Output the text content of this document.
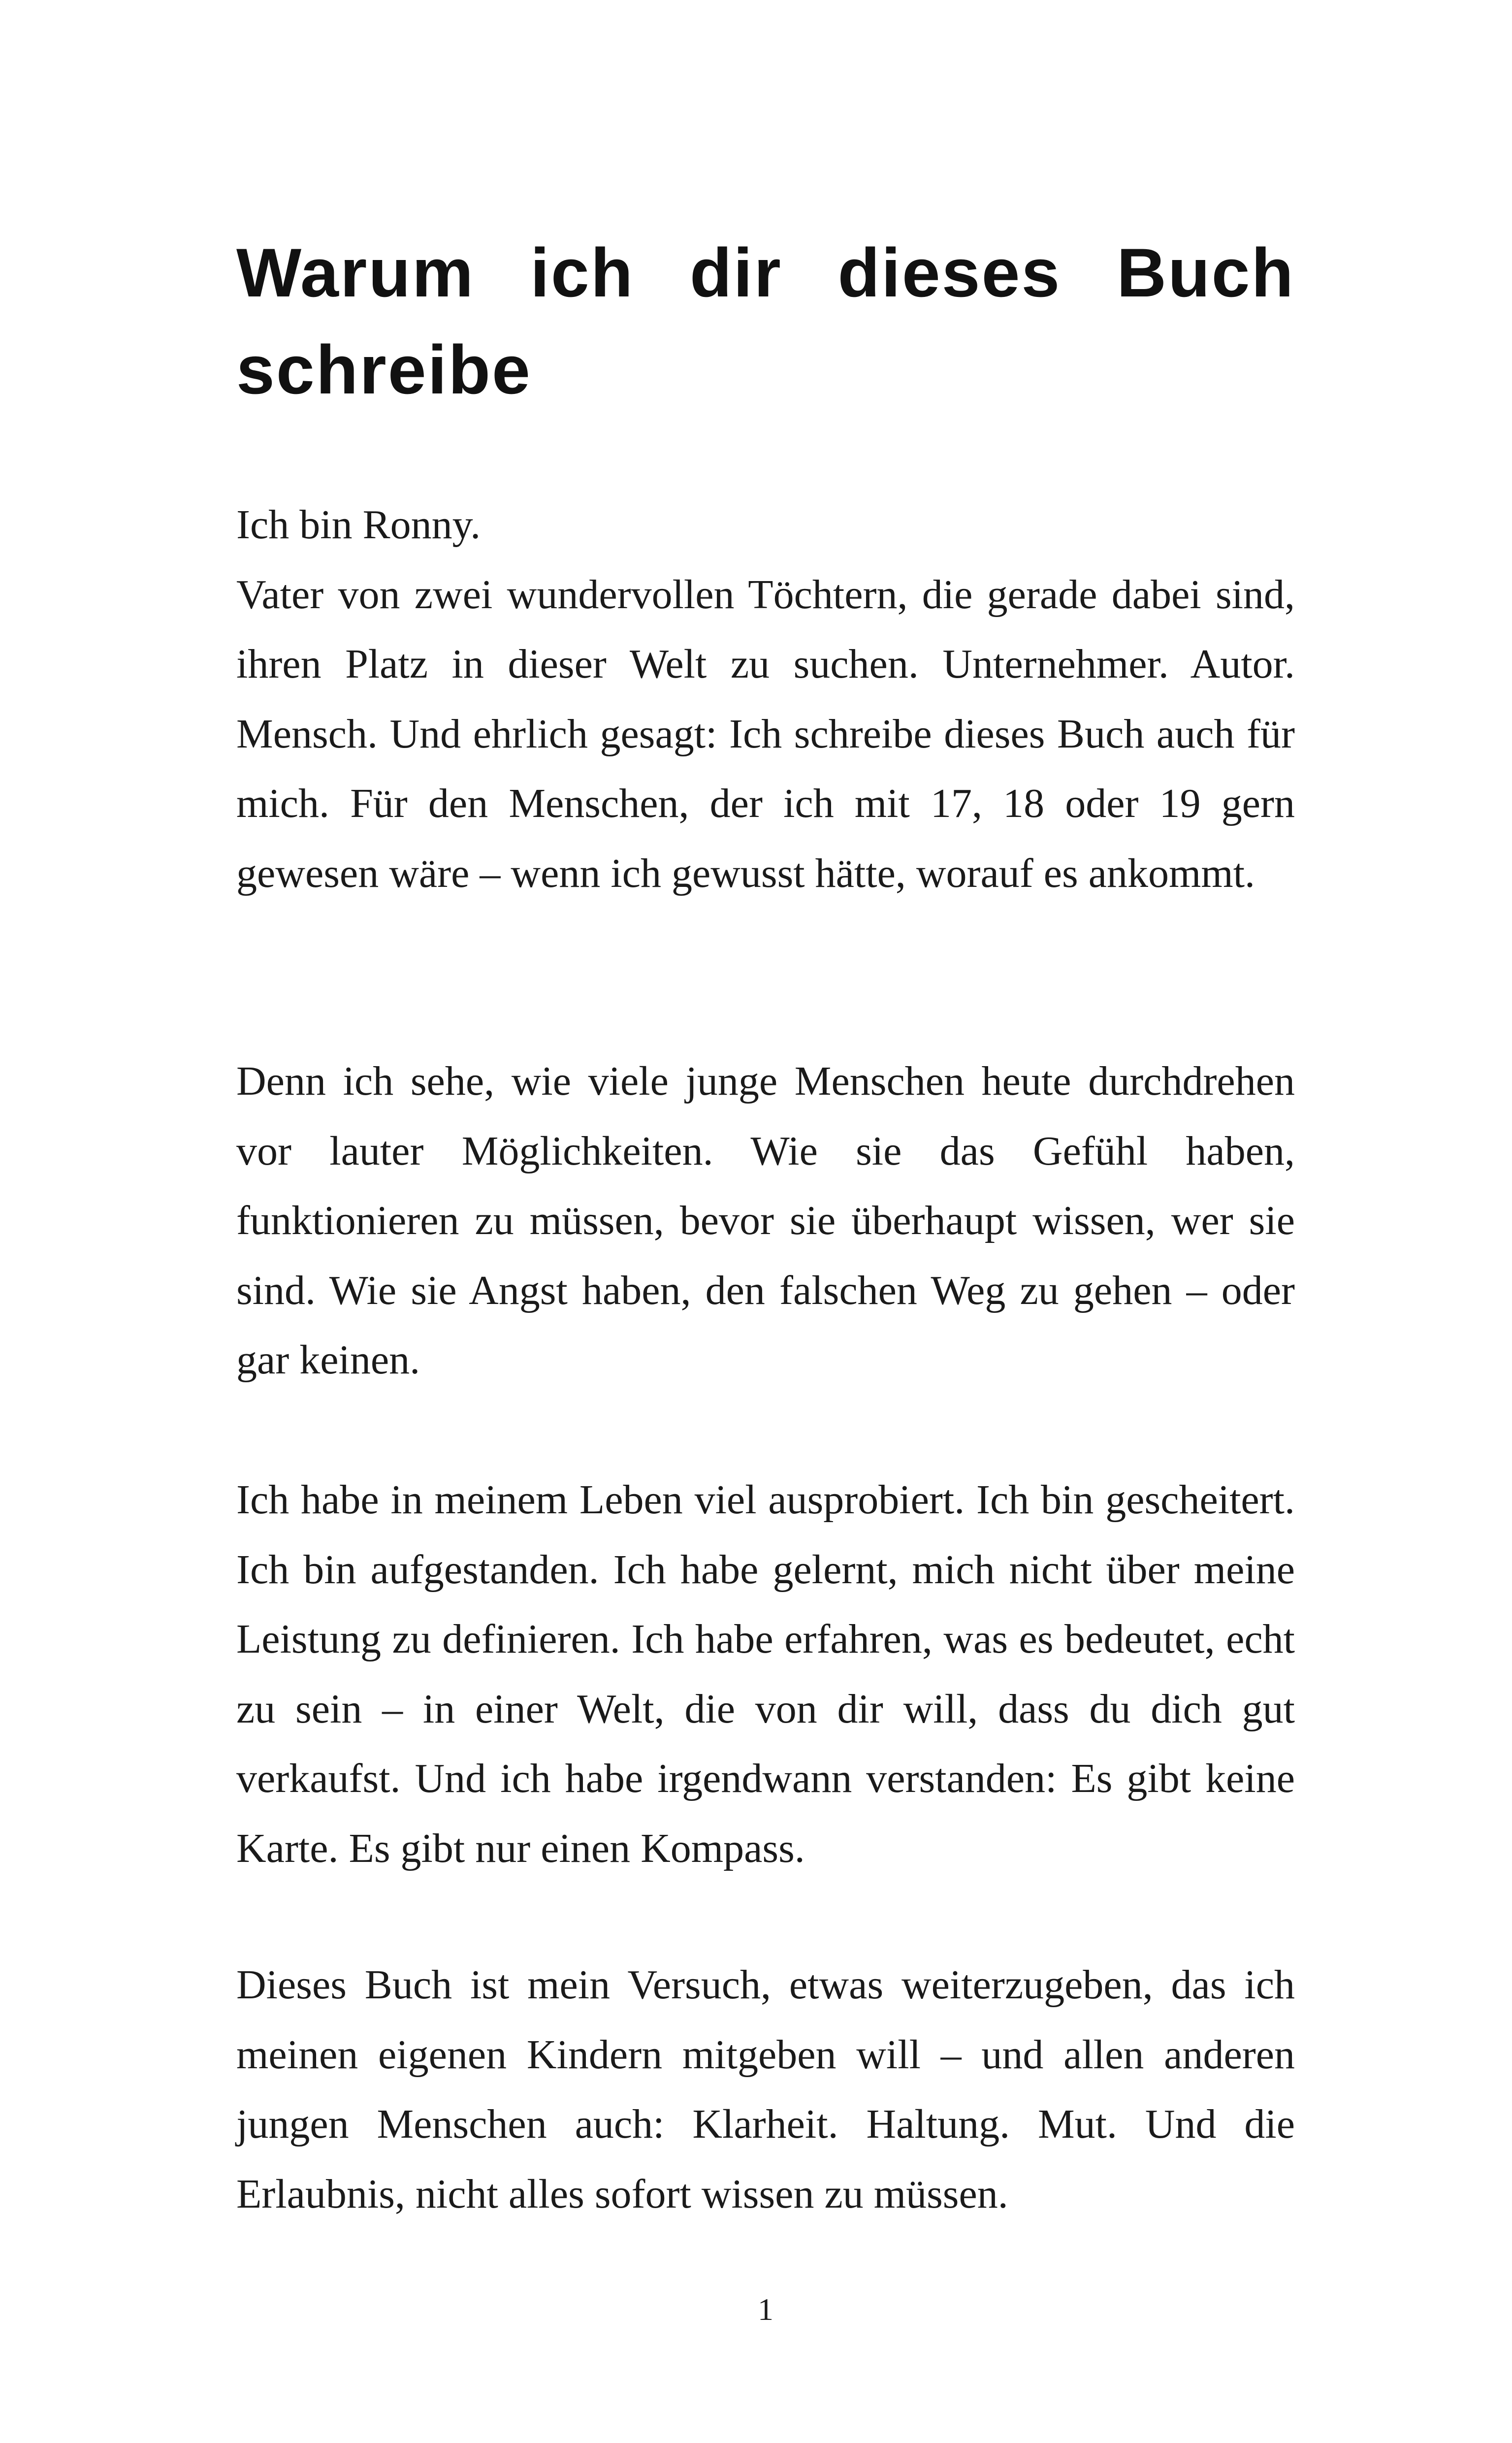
Warum ich dir dieses Buch
schreibe

Ich bin Ronny.

Vater von zwei wundervollen Töchtern, die gerade dabei sind, ihren Platz in dieser Welt zu suchen. Unternehmer. Autor. Mensch. Und ehrlich gesagt: Ich schreibe dieses Buch auch für mich. Für den Menschen, der ich mit 17, 18 oder 19 gern gewesen wäre – wenn ich gewusst hätte, worauf es ankommt.

Denn ich sehe, wie viele junge Menschen heute durchdrehen vor lauter Möglichkeiten. Wie sie das Gefühl haben, funktionieren zu müssen, bevor sie überhaupt wissen, wer sie sind. Wie sie Angst haben, den falschen Weg zu gehen – oder gar keinen.

Ich habe in meinem Leben viel ausprobiert. Ich bin gescheitert. Ich bin aufgestanden. Ich habe gelernt, mich nicht über meine Leistung zu definieren. Ich habe erfahren, was es bedeutet, echt zu sein – in einer Welt, die von dir will, dass du dich gut verkaufst. Und ich habe irgendwann verstanden: Es gibt keine Karte. Es gibt nur einen Kompass.

Dieses Buch ist mein Versuch, etwas weiterzugeben, das ich meinen eigenen Kindern mitgeben will – und allen anderen jungen Menschen auch: Klarheit. Haltung. Mut. Und die Erlaubnis, nicht alles sofort wissen zu müssen.

1
